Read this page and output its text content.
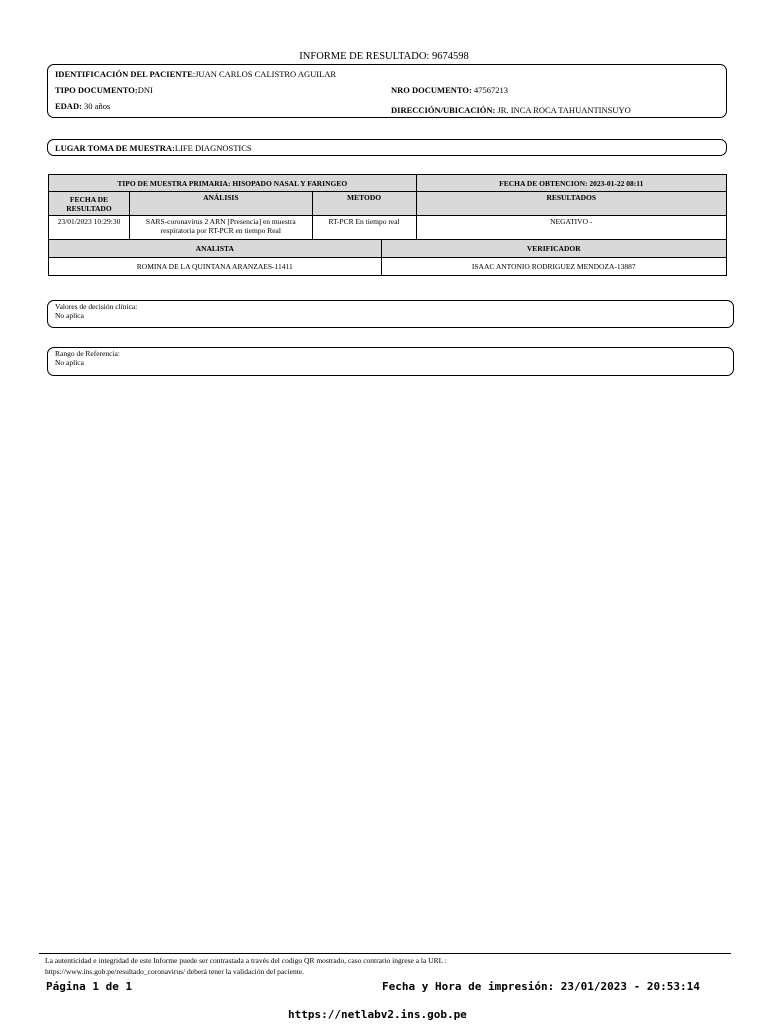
INFORME DE RESULTADO: 9674598
IDENTIFICACIÓN DEL PACIENTE:JUAN CARLOS CALISTRO AGUILAR
TIPO DOCUMENTO:DNI	NRO DOCUMENTO: 47567213
EDAD: 30 años	DIRECCIÓN/UBICACIÓN: JR. INCA ROCA TAHUANTINSUYO
LUGAR TOMA DE MUESTRA:LIFE DIAGNOSTICS
TIPO DE MUESTRA PRIMARIA: HISOPADO NASAL Y FARINGEO				FECHA DE OBTENCION: 2023-01-22 08:11
FECHA DE RESULTADO	ANÁLISIS	METODO		RESULTADOS
23/01/2023 10:29:30	SARS-coronavirus 2 ARN [Presencia] en muestra respiratoria por RT-PCR en tiempo Real	RT-PCR En tiempo real		NEGATIVO -
ANALISTA			VERIFICADOR	
ROMINA DE LA QUINTANA ARANZAES-11411			ISAAC ANTONIO RODRIGUEZ MENDOZA-13887	
Valores de decisión clínica:
No aplica
Rango de Referencia:
No aplica
La autenticidad e integridad de este Informe puede ser contrastada a través del codigo QR mostrado, caso contrario ingrese a la URL :
https://www.ins.gob.pe/resultado_coronavirus/ deberá tener la validación del paciente.
Página 1 de 1	Fecha y Hora de impresión: 23/01/2023 - 20:53:14
https://netlabv2.ins.gob.pe
